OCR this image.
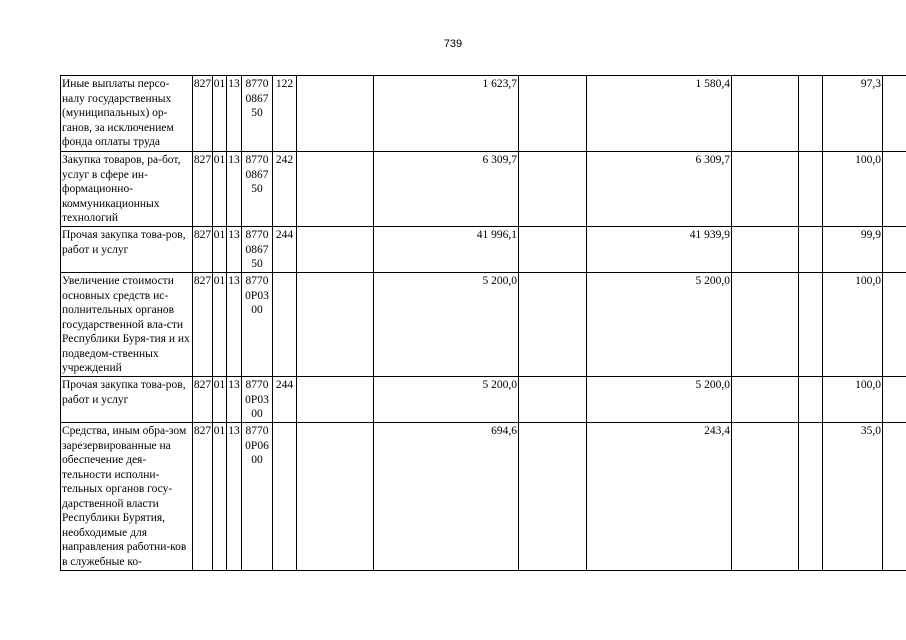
739
Иные выплаты персо-налу государственных (муниципальных) ор-ганов, за исключением фонда оплаты труда	827	01	13	8770
0867
50	122		1 623,7		1 580,4			97,3	
Закупка товаров, ра-бот, услуг в сфере ин-формационно-коммуникационных технологий	827	01	13	8770
0867
50	242		6 309,7		6 309,7			100,0	
Прочая закупка това-ров, работ и услуг	827	01	13	8770
0867
50	244		41 996,1		41 939,9			99,9	
Увеличение стоимости основных средств ис-полнительных органов государственной вла-сти Республики Буря-тия и их подведом-ственных учреждений	827	01	13	8770
0Р03
00			5 200,0		5 200,0			100,0	
Прочая закупка това-ров, работ и услуг	827	01	13	8770
0Р03
00	244		5 200,0		5 200,0			100,0	
Средства, иным обра-зом зарезервированные на обеспечение дея-тельности исполни-тельных органов госу-дарственной власти Республики Бурятия, необходимые для направления работни-ков в служебные ко-	827	01	13	8770
0Р06
00			694,6		243,4			35,0	
